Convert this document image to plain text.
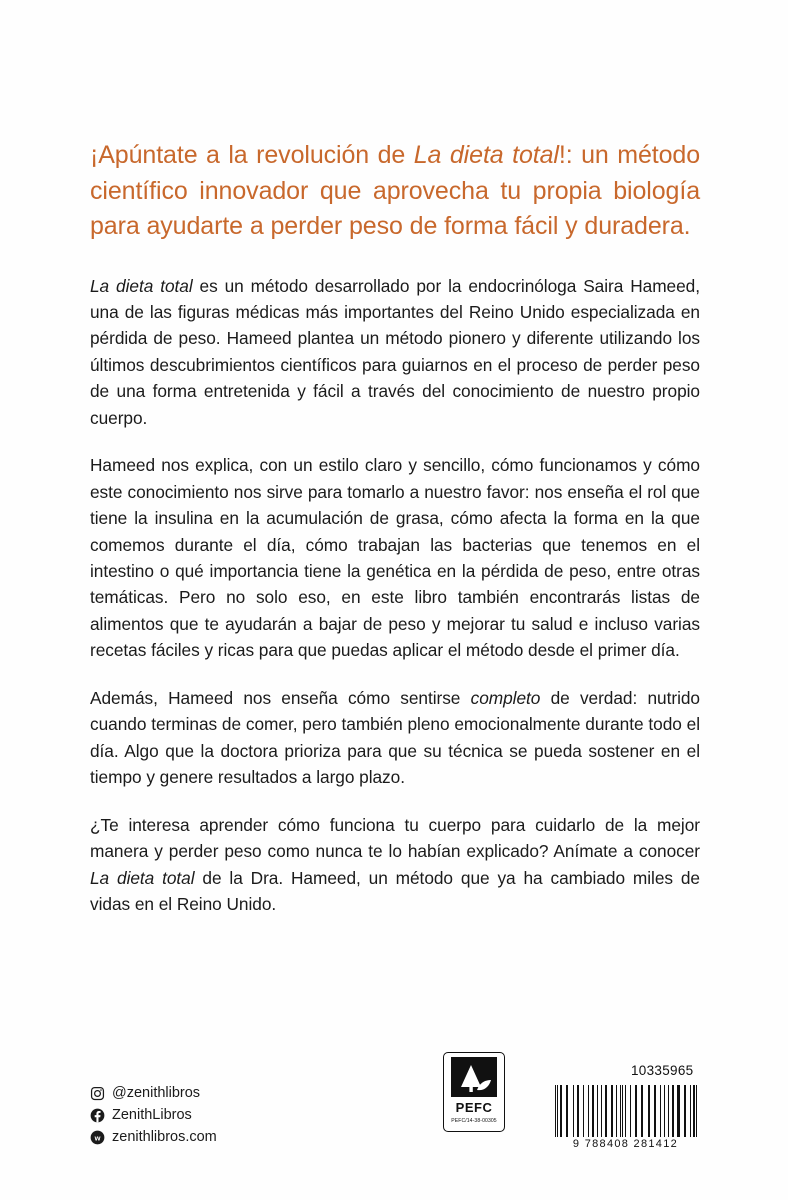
¡Apúntate a la revolución de La dieta total!: un método científico innovador que aprovecha tu propia biología para ayudarte a perder peso de forma fácil y duradera.

La dieta total es un método desarrollado por la endocrinóloga Saira Hameed, una de las figuras médicas más importantes del Reino Unido especializada en pérdida de peso. Hameed plantea un método pionero y diferente utilizando los últimos descubrimientos científicos para guiarnos en el proceso de perder peso de una forma entretenida y fácil a través del conocimiento de nuestro propio cuerpo.

Hameed nos explica, con un estilo claro y sencillo, cómo funcionamos y cómo este conocimiento nos sirve para tomarlo a nuestro favor: nos enseña el rol que tiene la insulina en la acumulación de grasa, cómo afecta la forma en la que comemos durante el día, cómo trabajan las bacterias que tenemos en el intestino o qué importancia tiene la genética en la pérdida de peso, entre otras temáticas. Pero no solo eso, en este libro también encontrarás listas de alimentos que te ayudarán a bajar de peso y mejorar tu salud e incluso varias recetas fáciles y ricas para que puedas aplicar el método desde el primer día.

Además, Hameed nos enseña cómo sentirse completo de verdad: nutrido cuando terminas de comer, pero también pleno emocionalmente durante todo el día. Algo que la doctora prioriza para que su técnica se pueda sostener en el tiempo y genere resultados a largo plazo.

¿Te interesa aprender cómo funciona tu cuerpo para cuidarlo de la mejor manera y perder peso como nunca te lo habían explicado? Anímate a conocer La dieta total de la Dra. Hameed, un método que ya ha cambiado miles de vidas en el Reino Unido.

@zenithlibros
ZenithLibros
w zenithlibros.com
PEFC
PEFC/14-38-00305
10335965
9 788408 281412
